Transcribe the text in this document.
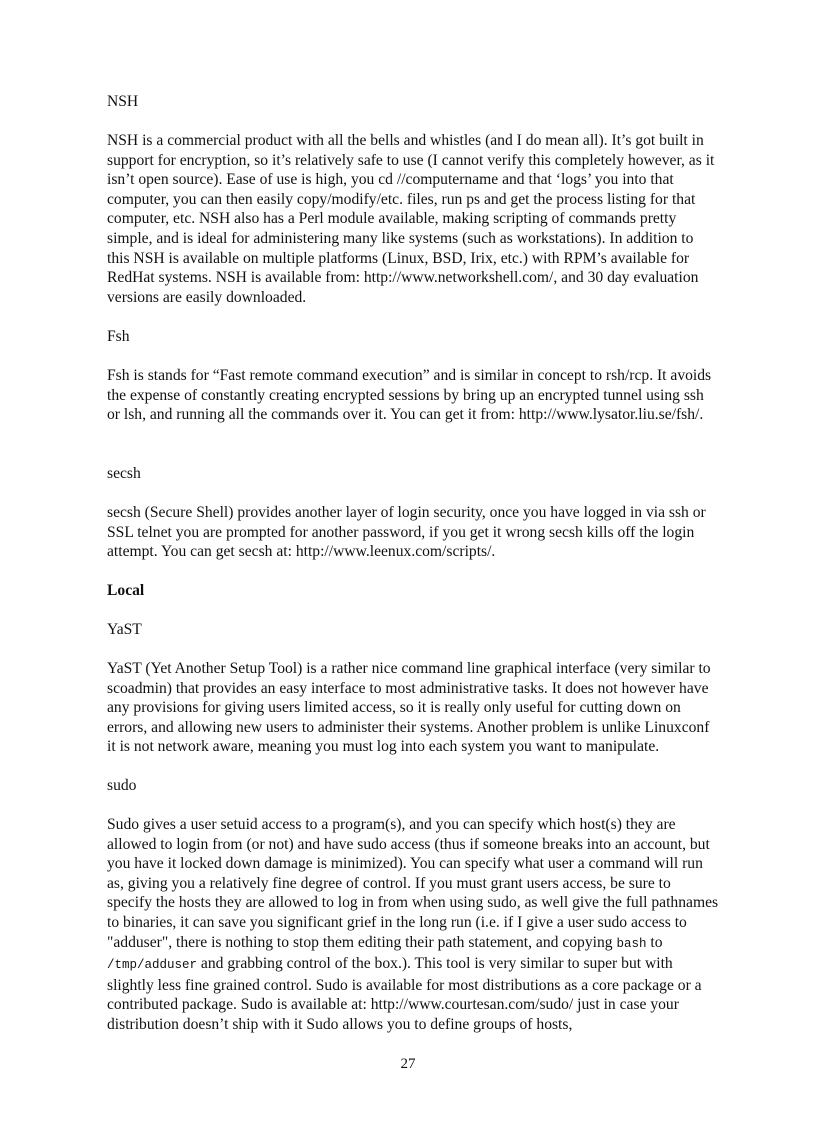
NSH

NSH is a commercial product with all the bells and whistles (and I do mean all). It’s got built in support for encryption, so it’s relatively safe to use (I cannot verify this completely however, as it isn’t open source). Ease of use is high, you cd //computername and that ‘logs’ you into that computer, you can then easily copy/modify/etc. files, run ps and get the process listing for that computer, etc. NSH also has a Perl module available, making scripting of commands pretty simple, and is ideal for administering many like systems (such as workstations). In addition to this NSH is available on multiple platforms (Linux, BSD, Irix, etc.) with RPM’s available for RedHat systems. NSH is available from: http://www.networkshell.com/, and 30 day evaluation versions are easily downloaded.

Fsh

Fsh is stands for “Fast remote command execution” and is similar in concept to rsh/rcp. It avoids the expense of constantly creating encrypted sessions by bring up an encrypted tunnel using ssh or lsh, and running all the commands over it. You can get it from: http://www.lysator.liu.se/fsh/.

secsh

secsh (Secure Shell) provides another layer of login security, once you have logged in via ssh or SSL telnet you are prompted for another password, if you get it wrong secsh kills off the login attempt. You can get secsh at: http://www.leenux.com/scripts/.

Local

YaST

YaST (Yet Another Setup Tool) is a rather nice command line graphical interface (very similar to scoadmin) that provides an easy interface to most administrative tasks. It does not however have any provisions for giving users limited access, so it is really only useful for cutting down on errors, and allowing new users to administer their systems. Another problem is unlike Linuxconf it is not network aware, meaning you must log into each system you want to manipulate.

sudo

Sudo gives a user setuid access to a program(s), and you can specify which host(s) they are allowed to login from (or not) and have sudo access (thus if someone breaks into an account, but you have it locked down damage is minimized). You can specify what user a command will run as, giving you a relatively fine degree of control. If you must grant users access, be sure to specify the hosts they are allowed to log in from when using sudo, as well give the full pathnames to binaries, it can save you significant grief in the long run (i.e. if I give a user sudo access to "adduser", there is nothing to stop them editing their path statement, and copying bash to /tmp/adduser and grabbing control of the box.). This tool is very similar to super but with slightly less fine grained control. Sudo is available for most distributions as a core package or a contributed package. Sudo is available at: http://www.courtesan.com/sudo/ just in case your distribution doesn’t ship with it Sudo allows you to define groups of hosts,

27
